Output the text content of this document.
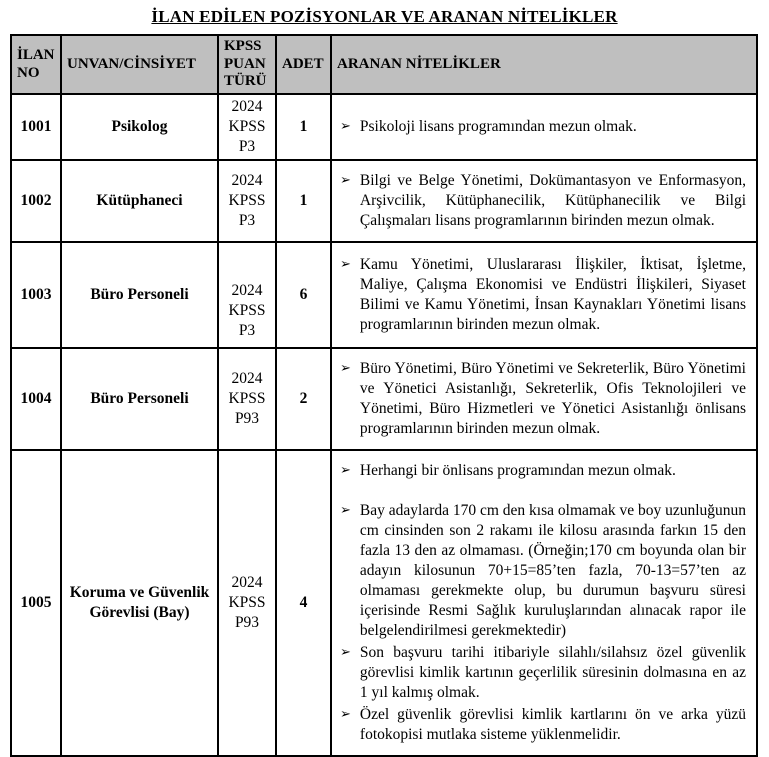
İLAN EDİLEN POZİSYONLAR VE ARANAN NİTELİKLER
İLAN NO	UNVAN/CİNSİYET	KPSS PUAN TÜRÜ	ADET	ARANAN NİTELİKLER
1001	Psikolog	2024 KPSS P3	1	➢ Psikoloji lisans programından mezun olmak.

1002	Kütüphaneci	2024 KPSS P3	1	➢ Bilgi ve Belge Yönetimi, Dokümantasyon ve Enformasyon, Arşivcilik, Kütüphanecilik, Kütüphanecilik ve Bilgi Çalışmaları lisans programlarının birinden mezun olmak.

1003	Büro Personeli	2024 KPSS P3	6	➢ Kamu Yönetimi, Uluslararası İlişkiler, İktisat, İşletme, Maliye, Çalışma Ekonomisi ve Endüstri İlişkileri, Siyaset Bilimi ve Kamu Yönetimi, İnsan Kaynakları Yönetimi lisans programlarının birinden mezun olmak.

1004	Büro Personeli	2024 KPSS P93	2	➢ Büro Yönetimi, Büro Yönetimi ve Sekreterlik, Büro Yönetimi ve Yönetici Asistanlığı, Sekreterlik, Ofis Teknolojileri ve Yönetimi, Büro Hizmetleri ve Yönetici Asistanlığı önlisans programlarının birinden mezun olmak.

1005	Koruma ve Güvenlik Görevlisi (Bay)	2024 KPSS P93	4	
➢ Herhangi bir önlisans programından mezun olmak.
➢ Bay adaylarda 170 cm den kısa olmamak ve boy uzunluğunun cm cinsinden son 2 rakamı ile kilosu arasında farkın 15 den fazla 13 den az olmaması. (Örneğin;170 cm boyunda olan bir adayın kilosunun 70+15=85’ten fazla, 70-13=57’ten az olmaması gerekmekte olup, bu durumun başvuru süresi içerisinde Resmi Sağlık kuruluşlarından alınacak rapor ile belgelendirilmesi gerekmektedir)
➢ Son başvuru tarihi itibariyle silahlı/silahsız özel güvenlik görevlisi kimlik kartının geçerlilik süresinin dolmasına en az 1 yıl kalmış olmak.
➢ Özel güvenlik görevlisi kimlik kartlarını ön ve arka yüzü fotokopisi mutlaka sisteme yüklenmelidir.
